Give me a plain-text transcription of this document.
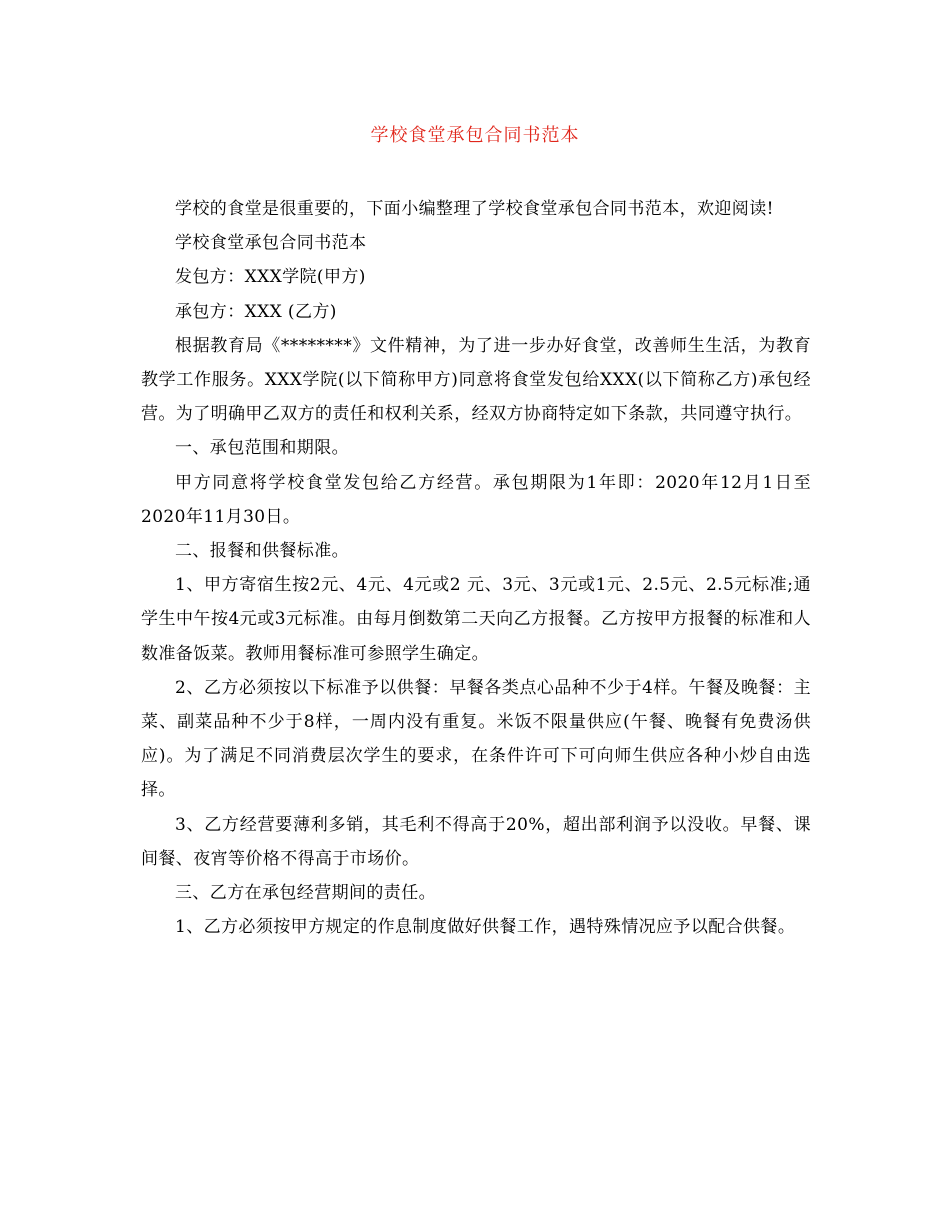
学校食堂承包合同书范本

学校的食堂是很重要的，下面小编整理了学校食堂承包合同书范本，欢迎阅读!

学校食堂承包合同书范本

发包方：XXX学院(甲方)

承包方：XXX (乙方)

根据教育局《********》文件精神，为了进一步办好食堂，改善师生生活，为教育教学工作服务。XXX学院(以下简称甲方)同意将食堂发包给XXX(以下简称乙方)承包经营。为了明确甲乙双方的责任和权利关系，经双方协商特定如下条款，共同遵守执行。

一、承包范围和期限。

甲方同意将学校食堂发包给乙方经营。承包期限为1年即：2020年12月1日至2020年11月30日。

二、报餐和供餐标准。

1、甲方寄宿生按2元、4元、4元或2 元、3元、3元或1元、2.5元、2.5元标准;通学生中午按4元或3元标准。由每月倒数第二天向乙方报餐。乙方按甲方报餐的标准和人数准备饭菜。教师用餐标准可参照学生确定。

2、乙方必须按以下标准予以供餐：早餐各类点心品种不少于4样。午餐及晚餐：主菜、副菜品种不少于8样，一周内没有重复。米饭不限量供应(午餐、晚餐有免费汤供应)。为了满足不同消费层次学生的要求，在条件许可下可向师生供应各种小炒自由选择。

3、乙方经营要薄利多销，其毛利不得高于20%，超出部利润予以没收。早餐、课间餐、夜宵等价格不得高于市场价。

三、乙方在承包经营期间的责任。

1、乙方必须按甲方规定的作息制度做好供餐工作，遇特殊情况应予以配合供餐。
